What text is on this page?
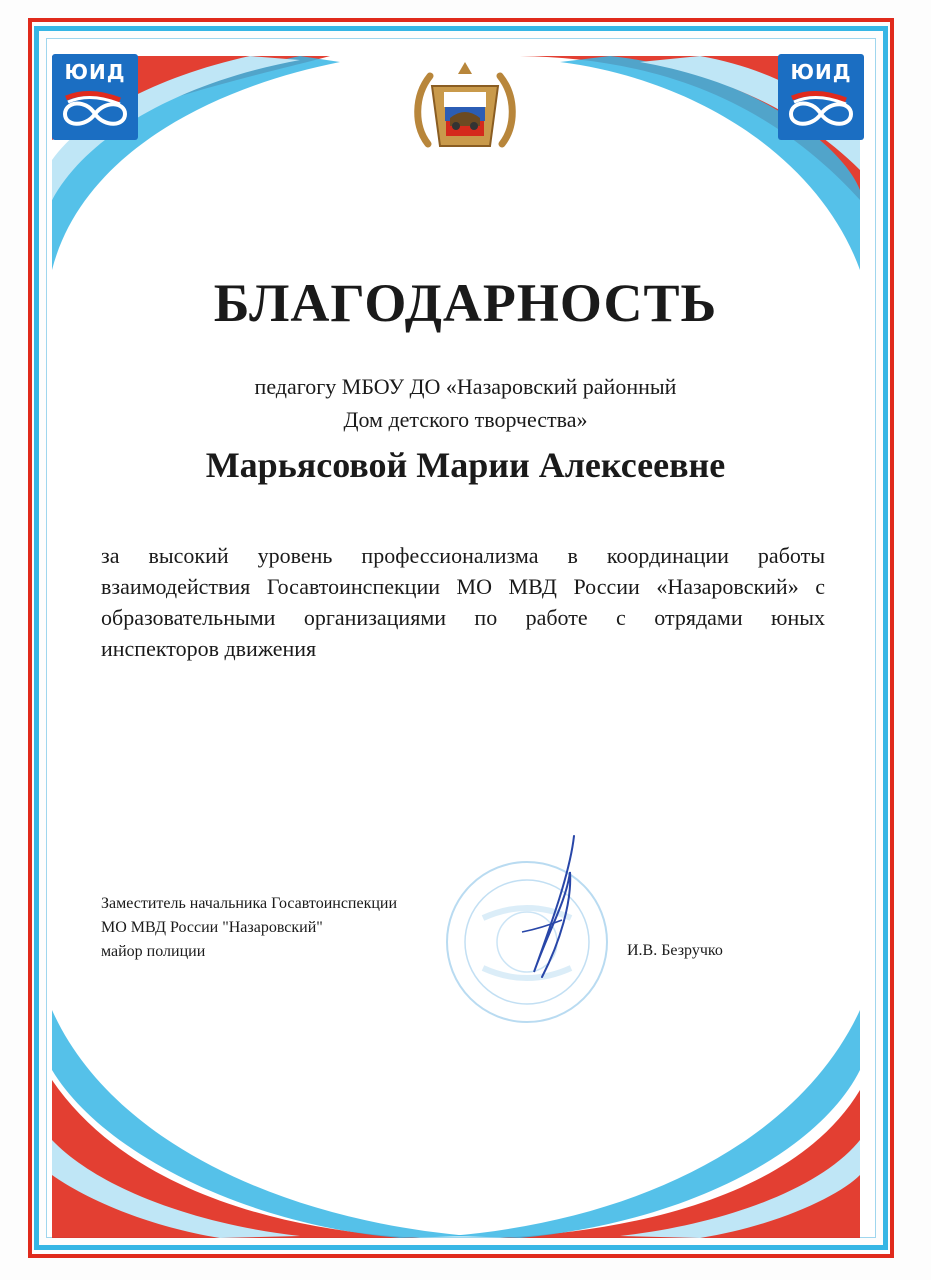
ЮИД	ЮИД
БЛАГОДАРНОСТЬ
педагогу МБОУ ДО «Назаровский районный
Дом детского творчества»
Марьясовой Марии Алексеевне
за высокий уровень профессионализма в координации работы
взаимодействия Госавтоинспекции МО МВД России «Назаровский» с
образовательными организациями по работе с отрядами юных
инспекторов движения
Заместитель начальника Госавтоинспекции
МО МВД России "Назаровский"
майор полиции	И.В. Безручко
